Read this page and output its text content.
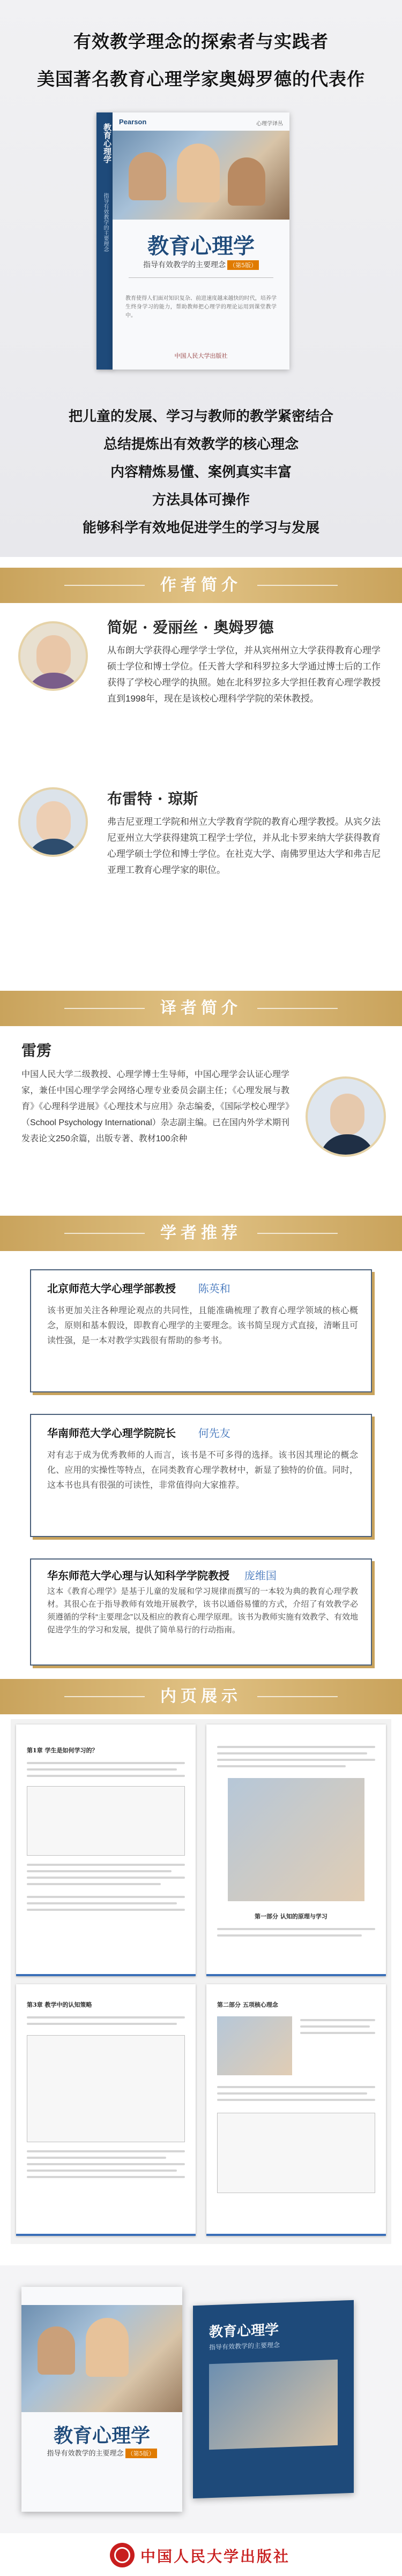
有效教学理念的探索者与实践者
美国著名教育心理学家奥姆罗德的代表作
教育心理学
指导有效教学的主要理念
Pearson	心理学译丛
教育心理学
指导有效教学的主要理念 （第5版）
教育使得人们面对知识复杂、前进速度越来越快的时代，培养学生终身学习的能力，帮助教师把心理学的理论运用到课堂教学中。
中国人民大学出版社
把儿童的发展、学习与教师的教学紧密结合
总结提炼出有效教学的核心理念
内容精炼易懂、案例真实丰富
方法具体可操作
能够科学有效地促进学生的学习与发展
作者简介
简妮 · 爱丽丝 · 奥姆罗德
从布朗大学获得心理学学士学位，并从宾州州立大学获得教育心理学硕士学位和博士学位。任天普大学和科罗拉多大学通过博士后的工作获得了学校心理学的执照。她在北科罗拉多大学担任教育心理学教授直到1998年，现在是该校心理科学学院的荣休教授。
布雷特 · 琼斯
弗吉尼亚理工学院和州立大学教育学院的教育心理学教授。从宾夕法尼亚州立大学获得建筑工程学士学位，并从北卡罗来纳大学获得教育心理学硕士学位和博士学位。在社克大学、南佛罗里达大学和弗吉尼亚理工教育心理学家的职位。
译者简介
雷雳
中国人民大学二级教授、心理学博士生导师，中国心理学会认证心理学家，兼任中国心理学学会网络心理专业委员会副主任；《心理发展与教育》《心理科学进展》《心理技术与应用》杂志编委，《国际学校心理学》（School Psychology International）杂志副主编。已在国内外学术期刊发表论文250余篇，出版专著、教材100余种
学者推荐
北京师范大学心理学部教授 陈英和
该书更加关注各种理论观点的共同性，且能准确梳理了教育心理学领域的核心概念，原则和基本假设，即教育心理学的主要理念。该书简呈现方式直接，清晰且可读性强，是一本对教学实践很有帮助的参考书。
华南师范大学心理学院院长 何先友
对有志于成为优秀教师的人而言，该书是不可多得的选择。该书因其理论的概念化、应用的实操性等特点，在同类教育心理学教材中，新显了独特的价值。同时，这本书也具有很强的可读性，非常值得向大家推荐。
华东师范大学心理与认知科学学院教授 庞维国
这本《教育心理学》是基于儿童的发展和学习规律而撰写的一本较为典的教育心理学教材。其很心在于指导教师有效地开展教学，该书以通俗易懂的方式，介绍了有效教学必须遵循的学科“主要理念”以及相应的教育心理学原理。该书为教师实施有效教学、有效地促进学生的学习和发展，提供了简单易行的行动指南。
内页展示
第1章 学生是如何学习的？
第一部分 认知的原理与学习
第3章 教学中的认知策略	第二部分 五项核心理念
教育心理学
指导有效教学的主要理念 （第5版）
教育心理学
指导有效教学的主要理念
中国人民大学出版社
